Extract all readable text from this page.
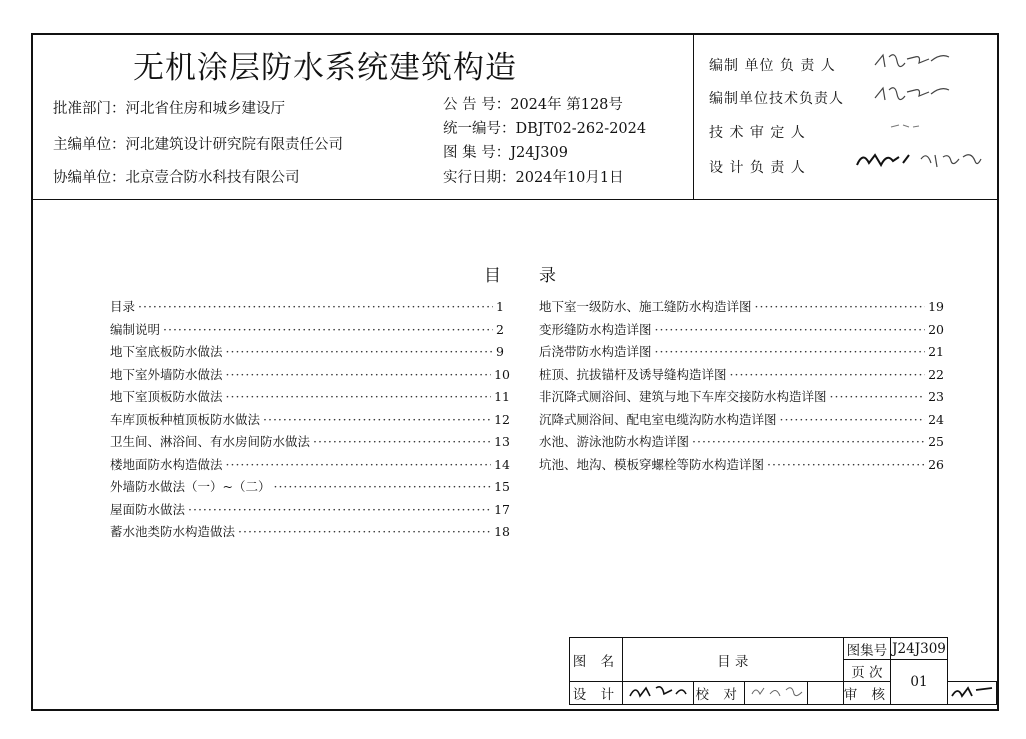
无机涂层防水系统建筑构造
批准部门：河北省住房和城乡建设厅
主编单位：河北建筑设计研究院有限责任公司
协编单位：北京壹合防水科技有限公司
公 告 号：2024年 第128号
统一编号：DBJT02-262-2024
图 集 号：J24J309
实行日期：2024年10月1日
编制 单位 负 责 人
编制单位技术负责人
技 术 审 定 人
设 计 负 责 人
目 录
目录 ·····	1
编制说明 ·····	2
地下室底板防水做法 ·····	9
地下室外墙防水做法 ·····	10
地下室顶板防水做法 ·····	11
车库顶板种植顶板防水做法 ·····	12
卫生间、淋浴间、有水房间防水做法 ·····	13
楼地面防水构造做法 ·····	14
外墙防水做法（一）~（二） ·····	15
屋面防水做法 ·····	17
蓄水池类防水构造做法 ·····	18
地下室一级防水、施工缝防水构造详图 ·····	19
变形缝防水构造详图 ·····	20
后浇带防水构造详图 ·····	21
桩顶、抗拔锚杆及诱导缝构造详图 ·····	22
非沉降式厕浴间、建筑与地下车库交接防水构造详图 ·····	23
沉降式厕浴间、配电室电缆沟防水构造详图 ·····	24
水池、游泳池防水构造详图 ·····	25
坑池、地沟、模板穿螺栓等防水构造详图 ·····	26
图 名	目 录				图集号	J24J309	
					页 次	01	
设 计		校 对			审 核	
